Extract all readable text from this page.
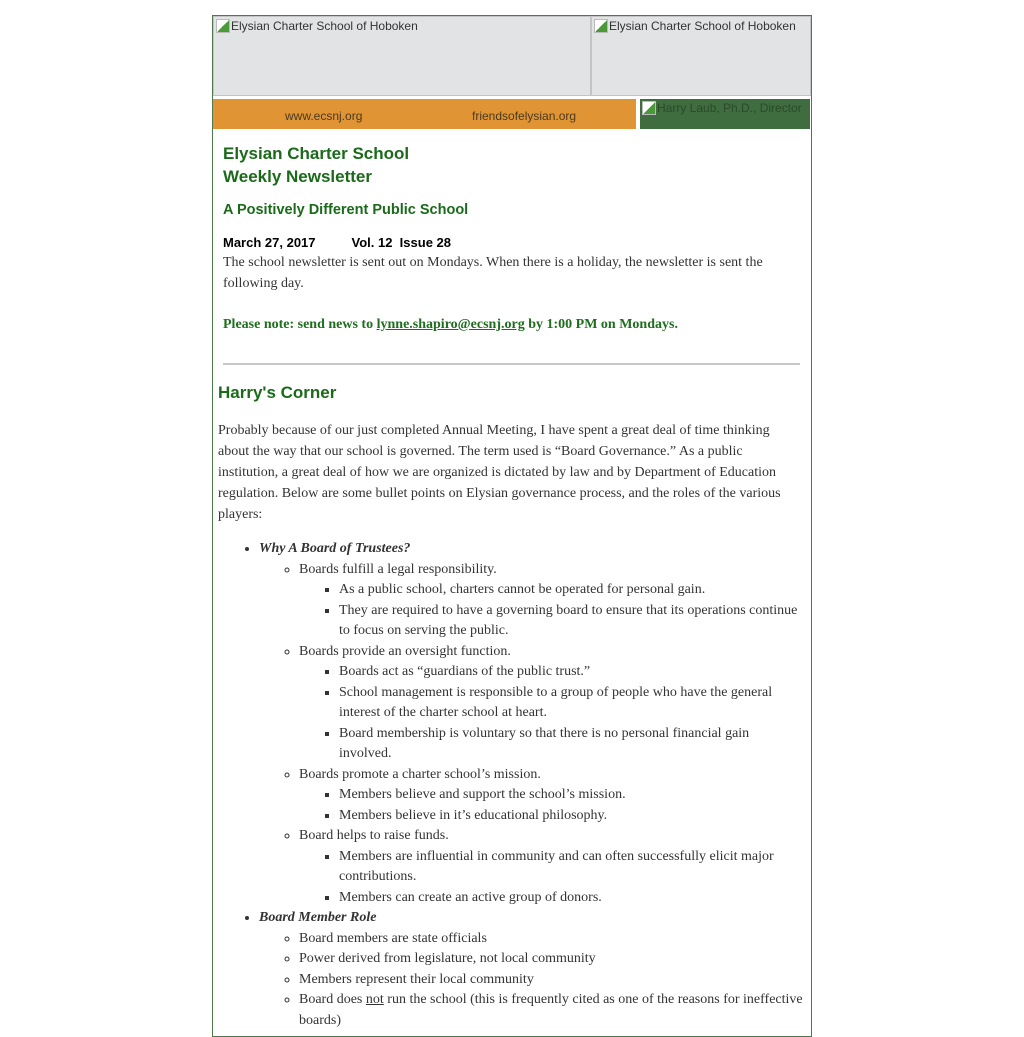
Elysian Charter School of Hoboken	Elysian Charter School of Hoboken
www.ecsnj.org	friendsofelysian.org
Harry Laub, Ph.D., Director
Elysian Charter School
Weekly Newsletter
A Positively Different Public School
March 27, 2017	Vol. 12  Issue 28
The school newsletter is sent out on Mondays. When there is a holiday, the newsletter is sent the following day.
Please note: send news to lynne.shapiro@ecsnj.org by 1:00 PM on Mondays.
Harry's Corner
Probably because of our just completed Annual Meeting, I have spent a great deal of time thinking about the way that our school is governed. The term used is “Board Governance.” As a public institution, a great deal of how we are organized is dictated by law and by Department of Education regulation. Below are some bullet points on Elysian governance process, and the roles of the various players:
• Why A Board of Trustees?
◦ Boards fulfill a legal responsibility.
▪ As a public school, charters cannot be operated for personal gain.
▪ They are required to have a governing board to ensure that its operations continue to focus on serving the public.
◦ Boards provide an oversight function.
▪ Boards act as “guardians of the public trust.”
▪ School management is responsible to a group of people who have the general interest of the charter school at heart.
▪ Board membership is voluntary so that there is no personal financial gain involved.
◦ Boards promote a charter school’s mission.
▪ Members believe and support the school’s mission.
▪ Members believe in it’s educational philosophy.
◦ Board helps to raise funds.
▪ Members are influential in community and can often successfully elicit major contributions.
▪ Members can create an active group of donors.
• Board Member Role
◦ Board members are state officials
◦ Power derived from legislature, not local community
◦ Members represent their local community
◦ Board does not run the school (this is frequently cited as one of the reasons for ineffective boards)
